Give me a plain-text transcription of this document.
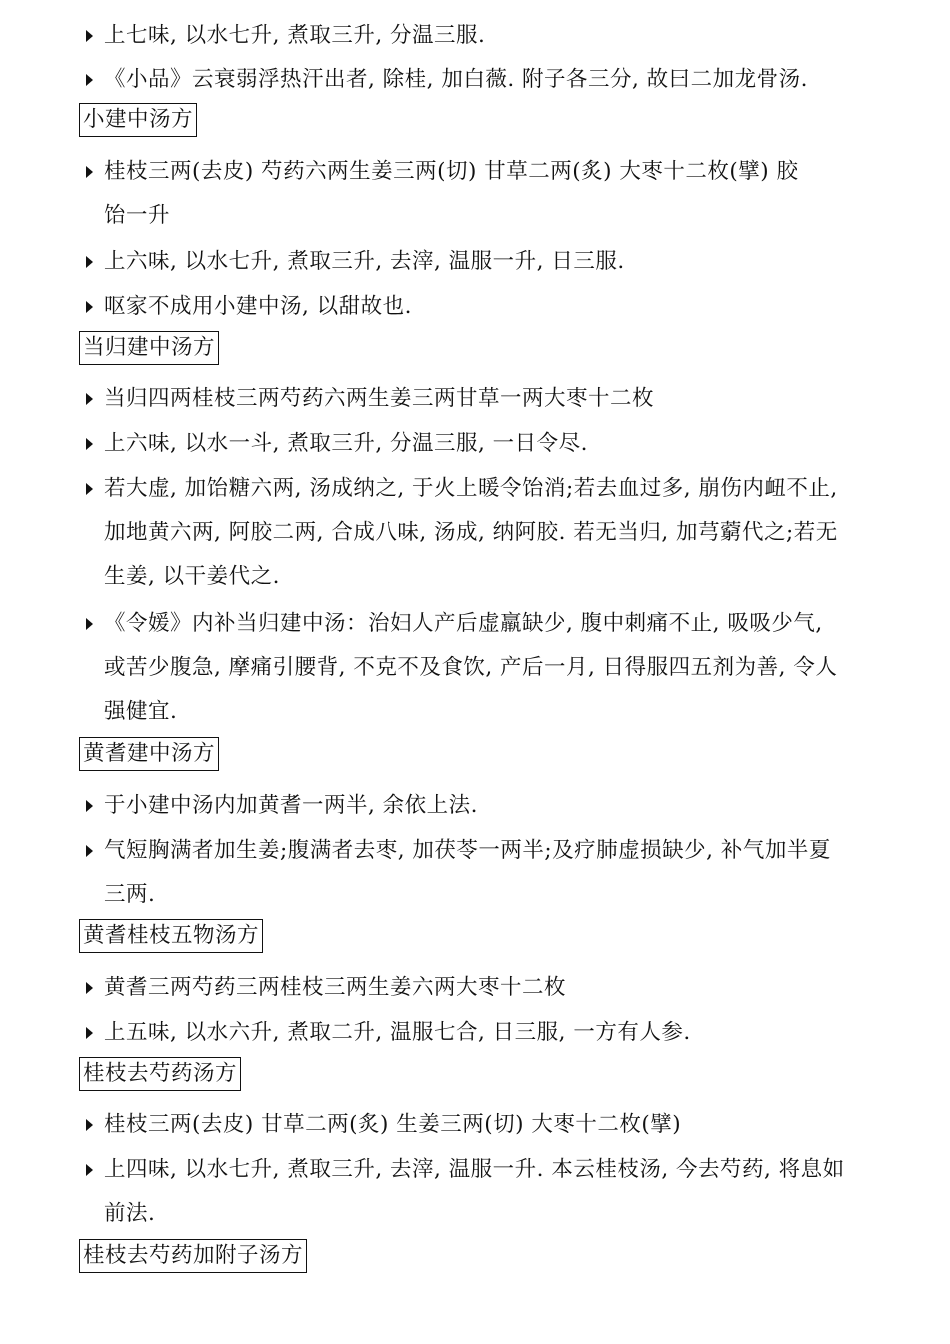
上七味, 以水七升, 煮取三升, 分温三服.
《小品》云衰弱浮热汗出者, 除桂, 加白薇. 附子各三分, 故曰二加龙骨汤.
小建中汤方
桂枝三两(去皮) 芍药六两生姜三两(切) 甘草二两(炙) 大枣十二枚(擘) 胶
饴一升
上六味, 以水七升, 煮取三升, 去滓, 温服一升, 日三服.
呕家不成用小建中汤, 以甜故也.
当归建中汤方
当归四两桂枝三两芍药六两生姜三两甘草一两大枣十二枚
上六味, 以水一斗, 煮取三升, 分温三服, 一日令尽.
若大虚, 加饴糖六两, 汤成纳之, 于火上暖令饴消;若去血过多, 崩伤内衄不止,
加地黄六两, 阿胶二两, 合成八味, 汤成, 纳阿胶. 若无当归, 加芎藭代之;若无
生姜, 以干姜代之.
《令媛》内补当归建中汤：治妇人产后虚羸缺少, 腹中刺痛不止, 吸吸少气,
或苦少腹急, 摩痛引腰背, 不克不及食饮, 产后一月, 日得服四五剂为善, 令人
强健宜.
黄耆建中汤方
于小建中汤内加黄耆一两半, 余依上法.
气短胸满者加生姜;腹满者去枣, 加茯苓一两半;及疗肺虚损缺少, 补气加半夏
三两.
黄耆桂枝五物汤方
黄耆三两芍药三两桂枝三两生姜六两大枣十二枚
上五味, 以水六升, 煮取二升, 温服七合, 日三服, 一方有人参.
桂枝去芍药汤方
桂枝三两(去皮) 甘草二两(炙) 生姜三两(切) 大枣十二枚(擘)
上四味, 以水七升, 煮取三升, 去滓, 温服一升. 本云桂枝汤, 今去芍药, 将息如
前法.
桂枝去芍药加附子汤方
